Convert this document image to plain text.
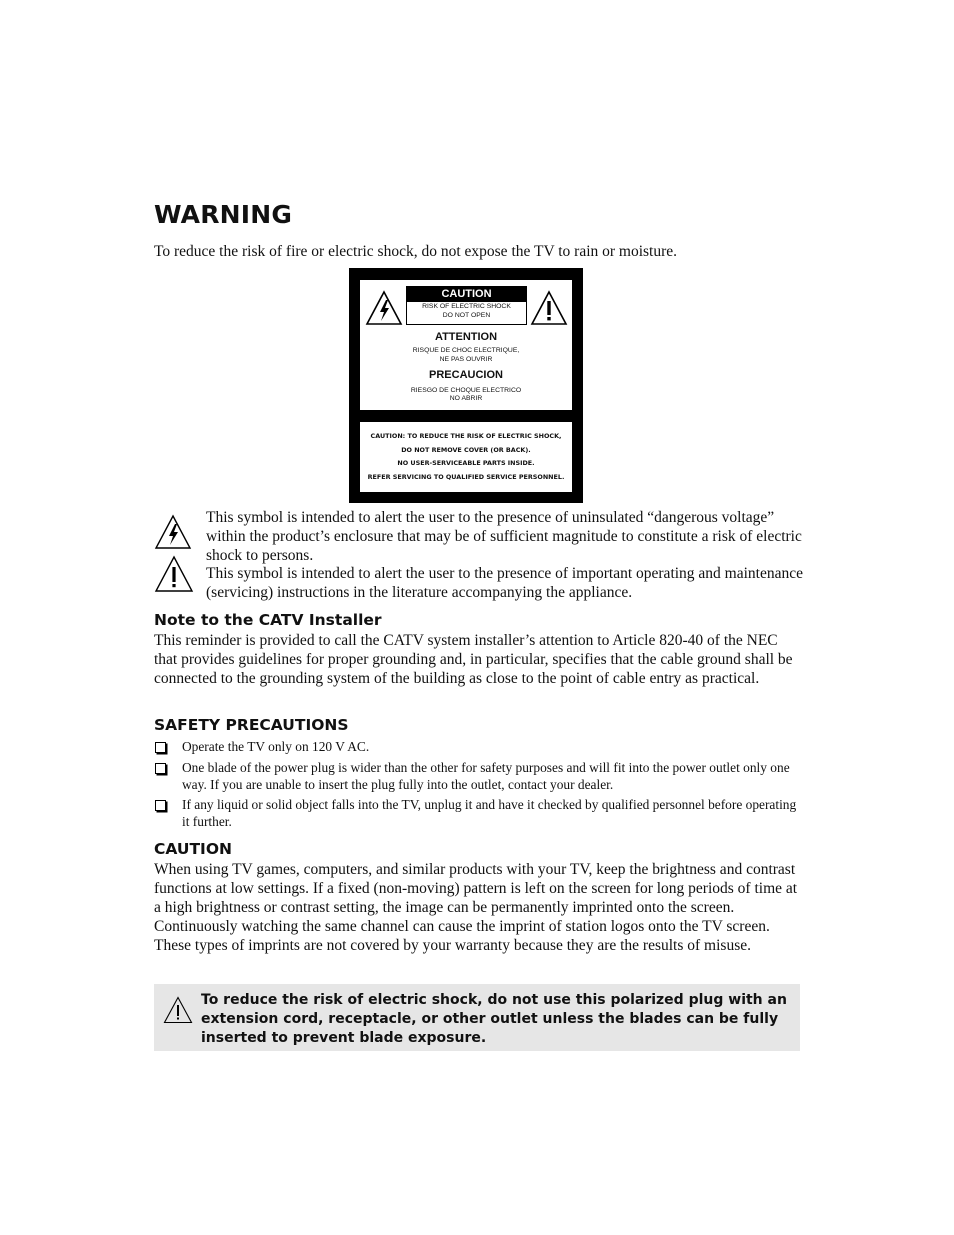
WARNING

To reduce the risk of fire or electric shock, do not expose the TV to rain or moisture.

CAUTION
RISK OF ELECTRIC SHOCK
DO NOT OPEN
ATTENTION
RISQUE DE CHOC ELECTRIQUE,
NE PAS OUVRIR
PRECAUCION
RIESGO DE CHOQUE ELECTRICO
NO ABRIR
CAUTION: TO REDUCE THE RISK OF ELECTRIC SHOCK,
DO NOT REMOVE COVER (OR BACK).
NO USER-SERVICEABLE PARTS INSIDE.
REFER SERVICING TO QUALIFIED SERVICE PERSONNEL.

This symbol is intended to alert the user to the presence of uninsulated “dangerous voltage” within the product’s enclosure that may be of sufficient magnitude to constitute a risk of electric shock to persons.

This symbol is intended to alert the user to the presence of important operating and maintenance (servicing) instructions in the literature accompanying the appliance.

Note to the CATV Installer

This reminder is provided to call the CATV system installer’s attention to Article 820-40 of the NEC that provides guidelines for proper grounding and, in particular, specifies that the cable ground shall be connected to the grounding system of the building as close to the point of cable entry as practical.

SAFETY PRECAUTIONS
Operate the TV only on 120 V AC.
One blade of the power plug is wider than the other for safety purposes and will fit into the power outlet only one way. If you are unable to insert the plug fully into the outlet, contact your dealer.
If any liquid or solid object falls into the TV, unplug it and have it checked by qualified personnel before operating it further.
CAUTION

When using TV games, computers, and similar products with your TV, keep the brightness and contrast functions at low settings. If a fixed (non-moving) pattern is left on the screen for long periods of time at a high brightness or contrast setting, the image can be permanently imprinted onto the screen. Continuously watching the same channel can cause the imprint of station logos onto the TV screen. These types of imprints are not covered by your warranty because they are the results of misuse.

To reduce the risk of electric shock, do not use this polarized plug with an extension cord, receptacle, or other outlet unless the blades can be fully inserted to prevent blade exposure.
